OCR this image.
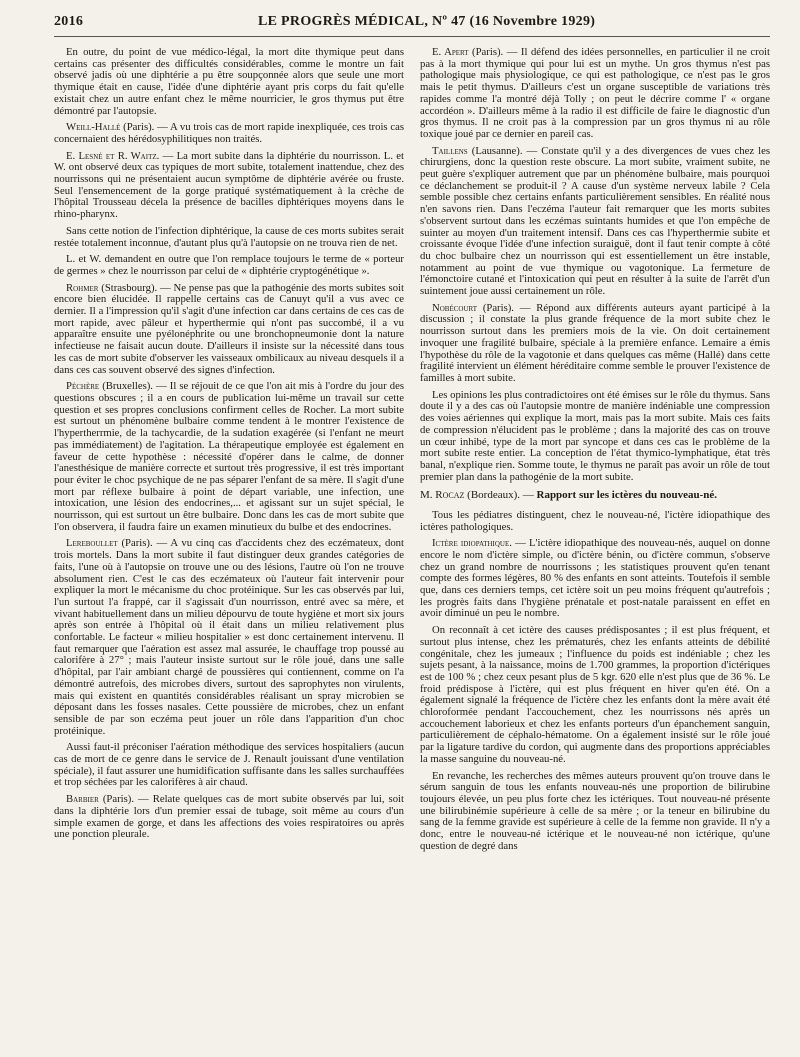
2016	LE PROGRÈS MÉDICAL, Nº 47 (16 Novembre 1929)

En outre, du point de vue médico-légal, la mort dite thymique peut dans certains cas présenter des difficultés considérables, comme le montre un fait observé jadis où une diphtérie a pu être soupçonnée alors que seule une mort thymique était en cause, l'idée d'une diphtérie ayant pris corps du fait qu'elle existait chez un autre enfant chez le même nourricier, le gros thymus put être démontré par l'autopsie.

Weill-Hallé (Paris). — A vu trois cas de mort rapide inexpliquée, ces trois cas concernaient des hérédosyphilitiques non traités.

E. Lesné et R. Waitz. — La mort subite dans la diphtérie du nourrisson. L. et W. ont observé deux cas typiques de mort subite, totalement inattendue, chez des nourrissons qui ne présentaient aucun symptôme de diphtérie avérée ou fruste. Seul l'ensemencement de la gorge pratiqué systématiquement à la crèche de l'hôpital Trousseau décela la présence de bacilles diphtériques moyens dans le rhino-pharynx.

Sans cette notion de l'infection diphtérique, la cause de ces morts subites serait restée totalement inconnue, d'autant plus qu'à l'autopsie on ne trouva rien de net.

L. et W. demandent en outre que l'on remplace toujours le terme de « porteur de germes » chez le nourrisson par celui de « diphtérie cryptogénétique ».

Rohmer (Strasbourg). — Ne pense pas que la pathogénie des morts subites soit encore bien élucidée. Il rappelle certains cas de Canuyt qu'il a vus avec ce dernier. Il a l'impression qu'il s'agit d'une infection car dans certains de ces cas de mort rapide, avec pâleur et hyperthermie qui n'ont pas succombé, il a vu apparaître ensuite une pyélonéphrite ou une bronchopneumonie dont la nature infectieuse ne faisait aucun doute. D'ailleurs il insiste sur la nécessité dans tous les cas de mort subite d'observer les vaisseaux ombilicaux au niveau desquels il a dans ces cas souvent observé des signes d'infection.

Péchère (Bruxelles). — Il se réjouit de ce que l'on ait mis à l'ordre du jour des questions obscures ; il a en cours de publication lui-même un travail sur cette question et ses propres conclusions confirment celles de Rocher. La mort subite est surtout un phénomène bulbaire comme tendent à le montrer l'existence de l'hypertherrmie, de la tachycardie, de la sudation exagérée (si l'enfant ne meurt pas immédiatement) de l'agitation. La thérapeutique employée est également en faveur de cette hypothèse : nécessité d'opérer dans le calme, de donner l'anesthésique de manière correcte et surtout très progressive, il est très important pour éviter le choc psychique de ne pas séparer l'enfant de sa mère. Il s'agit d'une mort par réflexe bulbaire à point de départ variable, une infection, une intoxication, une lésion des endocrines,... et agissant sur un sujet spécial, le nourrisson, qui est surtout un être bulbaire. Donc dans les cas de mort subite que l'on observera, il faudra faire un examen minutieux du bulbe et des endocrines.

Lereboullet (Paris). — A vu cinq cas d'accidents chez des eczémateux, dont trois mortels. Dans la mort subite il faut distinguer deux grandes catégories de faits, l'une où à l'autopsie on trouve une ou des lésions, l'autre où l'on ne trouve absolument rien. C'est le cas des eczémateux où l'auteur fait intervenir pour expliquer la mort le mécanisme du choc protéinique. Sur les cas observés par lui, l'un surtout l'a frappé, car il s'agissait d'un nourrisson, entré avec sa mère, et vivant habituellement dans un milieu dépourvu de toute hygiène et mort six jours après son entrée à l'hôpital où il était dans un milieu relativement plus confortable. Le facteur « milieu hospitalier » est donc certainement intervenu. Il faut remarquer que l'aération est assez mal assurée, le chauffage trop poussé au calorifère à 27° ; mais l'auteur insiste surtout sur le rôle joué, dans une salle d'hôpital, par l'air ambiant chargé de poussières qui contiennent, comme on l'a démontré autrefois, des microbes divers, surtout des saprophytes non virulents, mais qui existent en quantités considérables réalisant un spray microbien se déposant dans les fosses nasales. Cette poussière de microbes, chez un enfant sensible de par son eczéma peut jouer un rôle dans l'apparition d'un choc protéinique.

Aussi faut-il préconiser l'aération méthodique des services hospitaliers (aucun cas de mort de ce genre dans le service de J. Renault jouissant d'une ventilation spéciale), il faut assurer une humidification suffisante dans les salles surchauffées et trop séchées par les calorifères à air chaud.

Barbier (Paris). — Relate quelques cas de mort subite observés par lui, soit dans la diphtérie lors d'un premier essai de tubage, soit même au cours d'un simple examen de gorge, et dans les affections des voies respiratoires ou après une ponction pleurale.

E. Apert (Paris). — Il défend des idées personnelles, en particulier il ne croit pas à la mort thymique qui pour lui est un mythe. Un gros thymus n'est pas pathologique mais physiologique, ce qui est pathologique, ce n'est pas le gros mais le petit thymus. D'ailleurs c'est un organe susceptible de variations très rapides comme l'a montré déjà Tolly ; on peut le décrire comme l' « organe accordéon ». D'ailleurs même à la radio il est difficile de faire le diagnostic d'un gros thymus. Il ne croit pas à la compression par un gros thymus ni au rôle toxique joué par ce dernier en pareil cas.

Taillens (Lausanne). — Constate qu'il y a des divergences de vues chez les chirurgiens, donc la question reste obscure. La mort subite, vraiment subite, ne peut guère s'expliquer autrement que par un phénomène bulbaire, mais pourquoi ce déclanchement se produit-il ? A cause d'un système nerveux labile ? Cela semble possible chez certains enfants particulièrement sensibles. En réalité nous n'en savons rien. Dans l'eczéma l'auteur fait remarquer que les morts subites s'observent surtout dans les eczémas suintants humides et que l'on empêche de suinter au moyen d'un traitement intensif. Dans ces cas l'hyperthermie subite et croissante évoque l'idée d'une infection suraiguë, dont il faut tenir compte à côté du choc bulbaire chez un nourrisson qui est essentiellement un être instable, notamment au point de vue thymique ou vagotonique. La fermeture de l'émonctoire cutané et l'intoxication qui peut en résulter à la suite de l'arrêt d'un suintement joue aussi certainement un rôle.

Nobécourt (Paris). — Répond aux différents auteurs ayant participé à la discussion ; il constate la plus grande fréquence de la mort subite chez le nourrisson surtout dans les premiers mois de la vie. On doit certainement invoquer une fragilité bulbaire, spéciale à la première enfance. Lemaire a émis l'hypothèse du rôle de la vagotonie et dans quelques cas même (Hallé) dans cette fragilité intervient un élément héréditaire comme semble le prouver l'existence de familles à mort subite.

Les opinions les plus contradictoires ont été émises sur le rôle du thymus. Sans doute il y a des cas où l'autopsie montre de manière indéniable une compression des voies aériennes qui explique la mort, mais pas la mort subite. Mais ces faits de compression n'élucident pas le problème ; dans la majorité des cas on trouve un cœur inhibé, type de la mort par syncope et dans ces cas le problème de la mort subite reste entier. La conception de l'état thymico-lymphatique, état très banal, n'explique rien. Somme toute, le thymus ne paraît pas avoir un rôle de tout premier plan dans la pathogénie de la mort subite.

M. Rocaz (Bordeaux). — Rapport sur les ictères du nouveau-né.

Tous les pédiatres distinguent, chez le nouveau-né, l'ictère idiopathique des ictères pathologiques.

Ictère idiopathique. — L'ictère idiopathique des nouveau-nés, auquel on donne encore le nom d'ictère simple, ou d'ictère bénin, ou d'ictère commun, s'observe chez un grand nombre de nourrissons ; les statistiques prouvent qu'en tenant compte des formes légères, 80 % des enfants en sont atteints. Toutefois il semble que, dans ces derniers temps, cet ictère soit un peu moins fréquent qu'autrefois ; les progrès faits dans l'hygiène prénatale et post-natale paraissent en effet en avoir diminué un peu le nombre.

On reconnaît à cet ictère des causes prédisposantes ; il est plus fréquent, et surtout plus intense, chez les prématurés, chez les enfants atteints de débilité congénitale, chez les jumeaux ; l'influence du poids est indéniable ; chez les sujets pesant, à la naissance, moins de 1.700 grammes, la proportion d'ictériques est de 100 % ; chez ceux pesant plus de 5 kgr. 620 elle n'est plus que de 36 %. Le froid prédispose à l'ictère, qui est plus fréquent en hiver qu'en été. On a également signalé la fréquence de l'ictère chez les enfants dont la mère avait été chloroformée pendant l'accouchement, chez les nourrissons nés après un accouchement laborieux et chez les enfants porteurs d'un épanchement sanguin, particulièrement de céphalo-hématome. On a également insisté sur le rôle joué par la ligature tardive du cordon, qui augmente dans des proportions appréciables la masse sanguine du nouveau-né.

En revanche, les recherches des mêmes auteurs prouvent qu'on trouve dans le sérum sanguin de tous les enfants nouveau-nés une proportion de bilirubine toujours élevée, un peu plus forte chez les ictériques. Tout nouveau-né présente une bilirubinémie supérieure à celle de sa mère ; or la teneur en bilirubine du sang de la femme gravide est supérieure à celle de la femme non gravide. Il n'y a donc, entre le nouveau-né ictérique et le nouveau-né non ictérique, qu'une question de degré dans
